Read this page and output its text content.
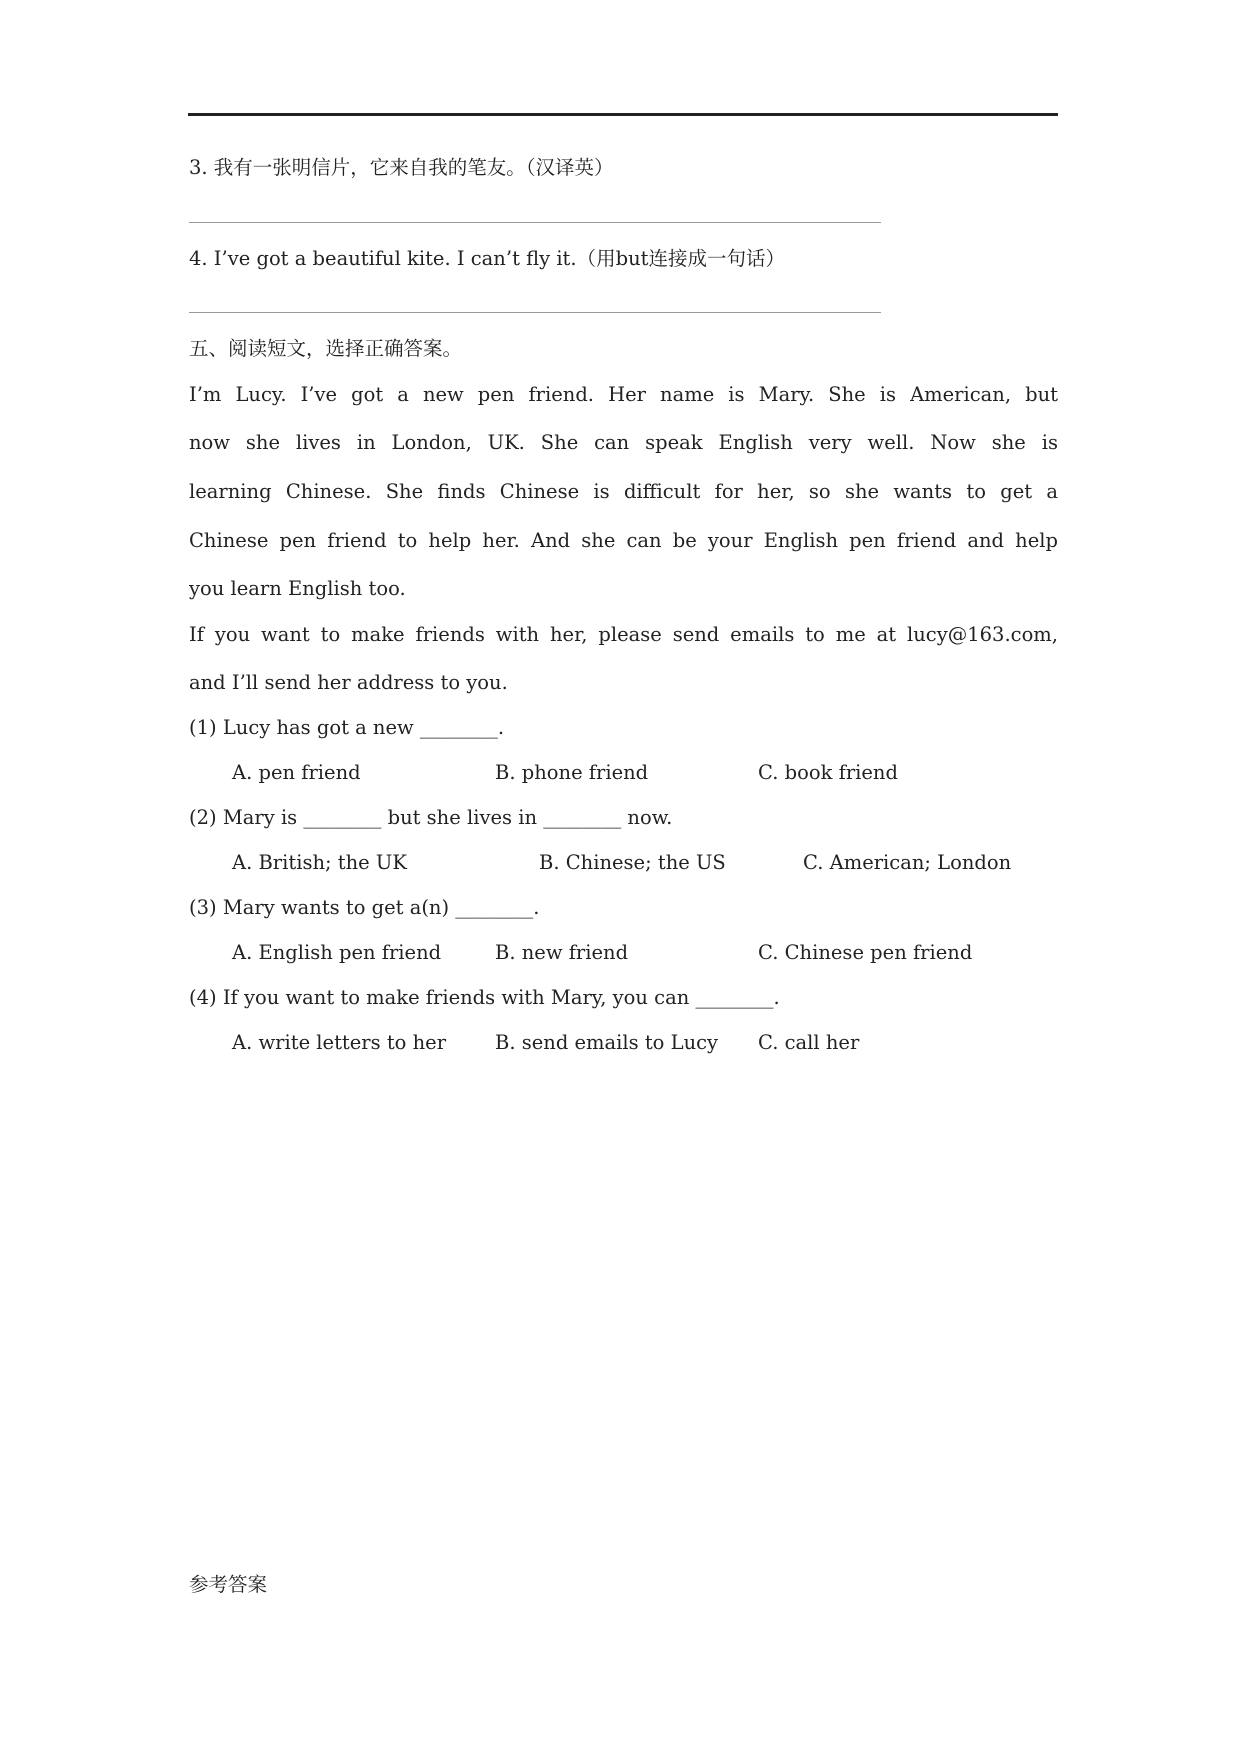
3. 我有一张明信片，它来自我的笔友。（汉译英）
4. I’ve got a beautiful kite. I can’t fly it.（用but连接成一句话）
五、阅读短文，选择正确答案。
I’m Lucy. I’ve got a new pen friend. Her name is Mary. She is American, but
now she lives in London, UK. She can speak English very well. Now she is
learning Chinese. She finds Chinese is difficult for her, so she wants to get a
Chinese pen friend to help her. And she can be your English pen friend and help
you learn English too.
If you want to make friends with her, please send emails to me at lucy@163.com,
and I’ll send her address to you.
(1) Lucy has got a new ________.
A. pen friend	B. phone friend	C. book friend
(2) Mary is ________ but she lives in ________ now.
A. British; the UK	B. Chinese; the US	C. American; London
(3) Mary wants to get a(n) ________.
A. English pen friend	B. new friend	C. Chinese pen friend
(4) If you want to make friends with Mary, you can ________.
A. write letters to her	B. send emails to Lucy C. call her
参考答案
